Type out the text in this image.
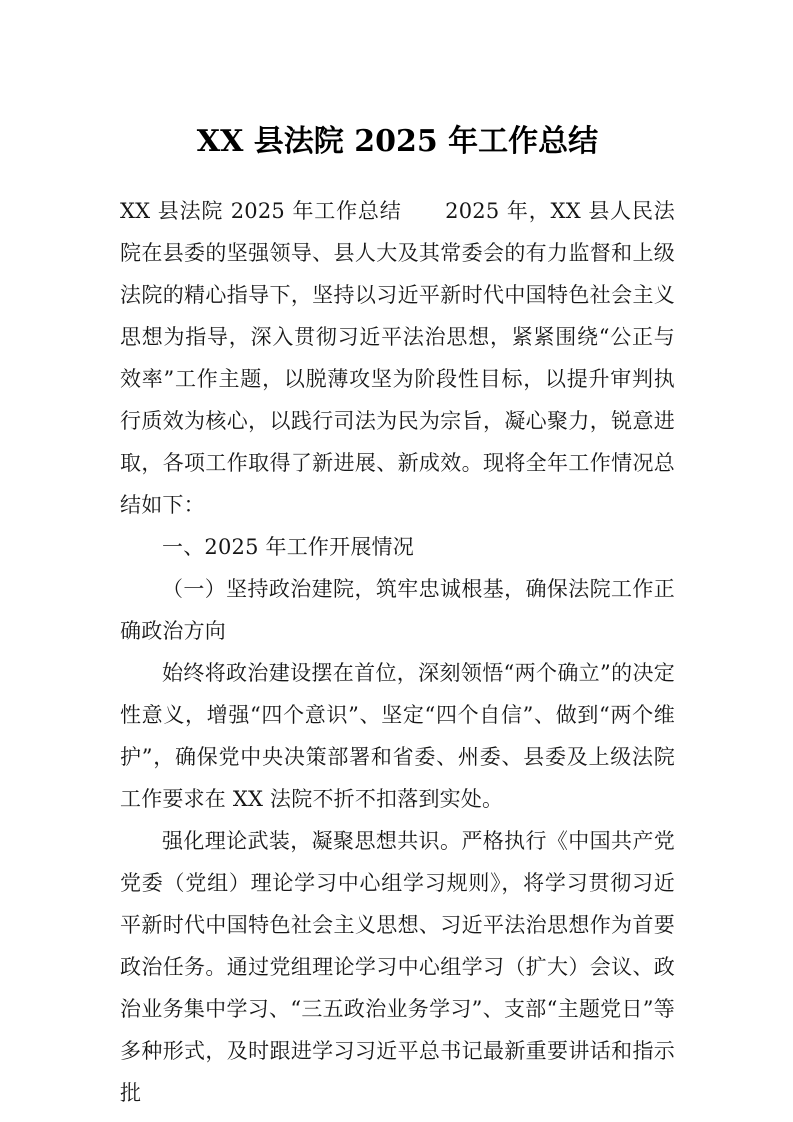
XX 县法院 2025 年工作总结

XX 县法院 2025 年工作总结　　2025 年，XX 县人民法院在县委的坚强领导、县人大及其常委会的有力监督和上级法院的精心指导下，坚持以习近平新时代中国特色社会主义思想为指导，深入贯彻习近平法治思想，紧紧围绕“公正与效率”工作主题，以脱薄攻坚为阶段性目标，以提升审判执行质效为核心，以践行司法为民为宗旨，凝心聚力，锐意进取，各项工作取得了新进展、新成效。现将全年工作情况总结如下：

一、2025 年工作开展情况

（一）坚持政治建院，筑牢忠诚根基，确保法院工作正确政治方向

始终将政治建设摆在首位，深刻领悟“两个确立”的决定性意义，增强“四个意识”、坚定“四个自信”、做到“两个维护”，确保党中央决策部署和省委、州委、县委及上级法院工作要求在 XX 法院不折不扣落到实处。

强化理论武装，凝聚思想共识。严格执行《中国共产党党委（党组）理论学习中心组学习规则》，将学习贯彻习近平新时代中国特色社会主义思想、习近平法治思想作为首要政治任务。通过党组理论学习中心组学习（扩大）会议、政治业务集中学习、“三五政治业务学习”、支部“主题党日”等多种形式，及时跟进学习习近平总书记最新重要讲话和指示批
